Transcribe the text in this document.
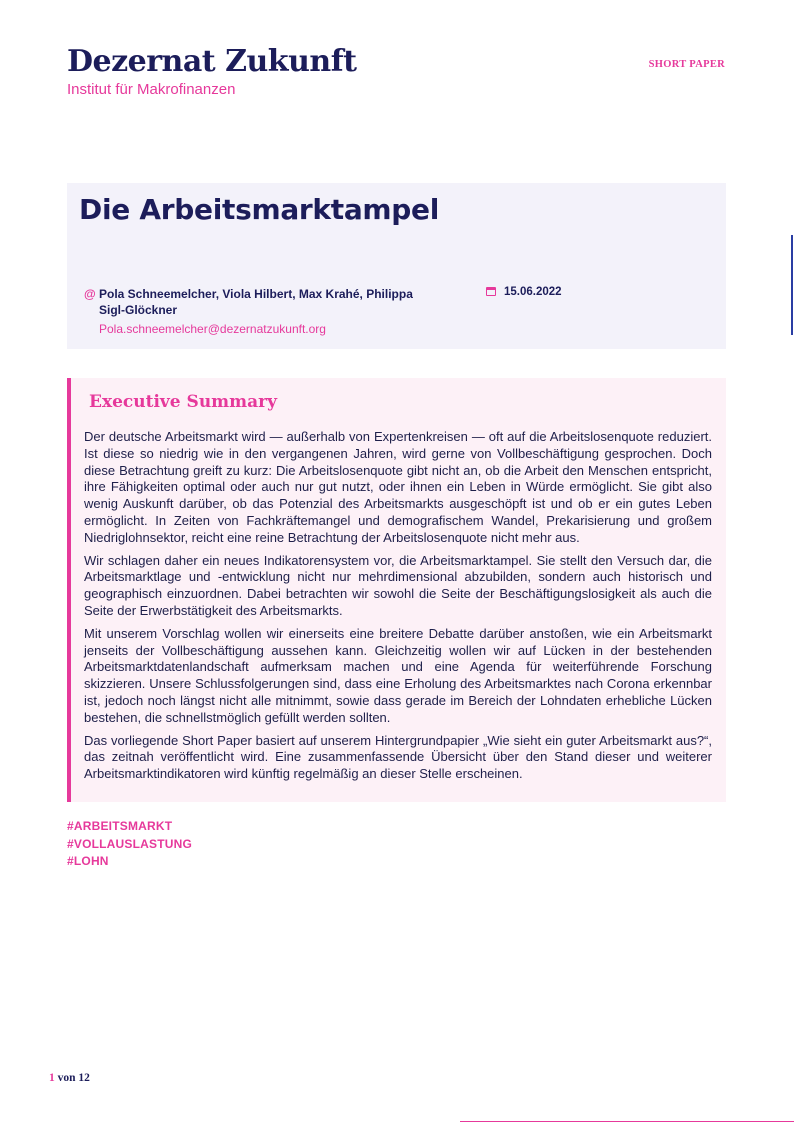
Dezernat Zukunft
Institut für Makrofinanzen
SHORT PAPER
Die Arbeitsmarktampel
@ Pola Schneemelcher, Viola Hilbert, Max Krahé, Philippa
Sigl-Glöckner
Pola.schneemelcher@dezernatzukunft.org
15.06.2022
Executive Summary

Der deutsche Arbeitsmarkt wird — außerhalb von Expertenkreisen — oft auf die Arbeitslosenquote reduziert. Ist diese so niedrig wie in den vergangenen Jahren, wird gerne von Vollbeschäftigung gesprochen. Doch diese Betrachtung greift zu kurz: Die Arbeitslosenquote gibt nicht an, ob die Arbeit den Menschen entspricht, ihre Fähigkeiten optimal oder auch nur gut nutzt, oder ihnen ein Leben in Würde ermöglicht. Sie gibt also wenig Auskunft darüber, ob das Potenzial des Arbeitsmarkts ausgeschöpft ist und ob er ein gutes Leben ermöglicht. In Zeiten von Fachkräftemangel und demografischem Wandel, Prekarisierung und großem Niedriglohnsektor, reicht eine reine Betrachtung der Arbeitslosenquote nicht mehr aus.

Wir schlagen daher ein neues Indikatorensystem vor, die Arbeitsmarktampel. Sie stellt den Versuch dar, die Arbeitsmarktlage und -entwicklung nicht nur mehrdimensional abzubilden, sondern auch historisch und geographisch einzuordnen. Dabei betrachten wir sowohl die Seite der Beschäftigungslosigkeit als auch die Seite der Erwerbstätigkeit des Arbeitsmarkts.

Mit unserem Vorschlag wollen wir einerseits eine breitere Debatte darüber anstoßen, wie ein Arbeitsmarkt jenseits der Vollbeschäftigung aussehen kann. Gleichzeitig wollen wir auf Lücken in der bestehenden Arbeitsmarktdatenlandschaft aufmerksam machen und eine Agenda für weiterführende Forschung skizzieren. Unsere Schlussfolgerungen sind, dass eine Erholung des Arbeitsmarktes nach Corona erkennbar ist, jedoch noch längst nicht alle mitnimmt, sowie dass gerade im Bereich der Lohndaten erhebliche Lücken bestehen, die schnellstmöglich gefüllt werden sollten.

Das vorliegende Short Paper basiert auf unserem Hintergrundpapier „Wie sieht ein guter Arbeitsmarkt aus?“, das zeitnah veröffentlicht wird. Eine zusammenfassende Übersicht über den Stand dieser und weiterer Arbeitsmarktindikatoren wird künftig regelmäßig an dieser Stelle erscheinen.

#ARBEITSMARKT
#VOLLAUSLASTUNG
#LOHN
1 von 12
